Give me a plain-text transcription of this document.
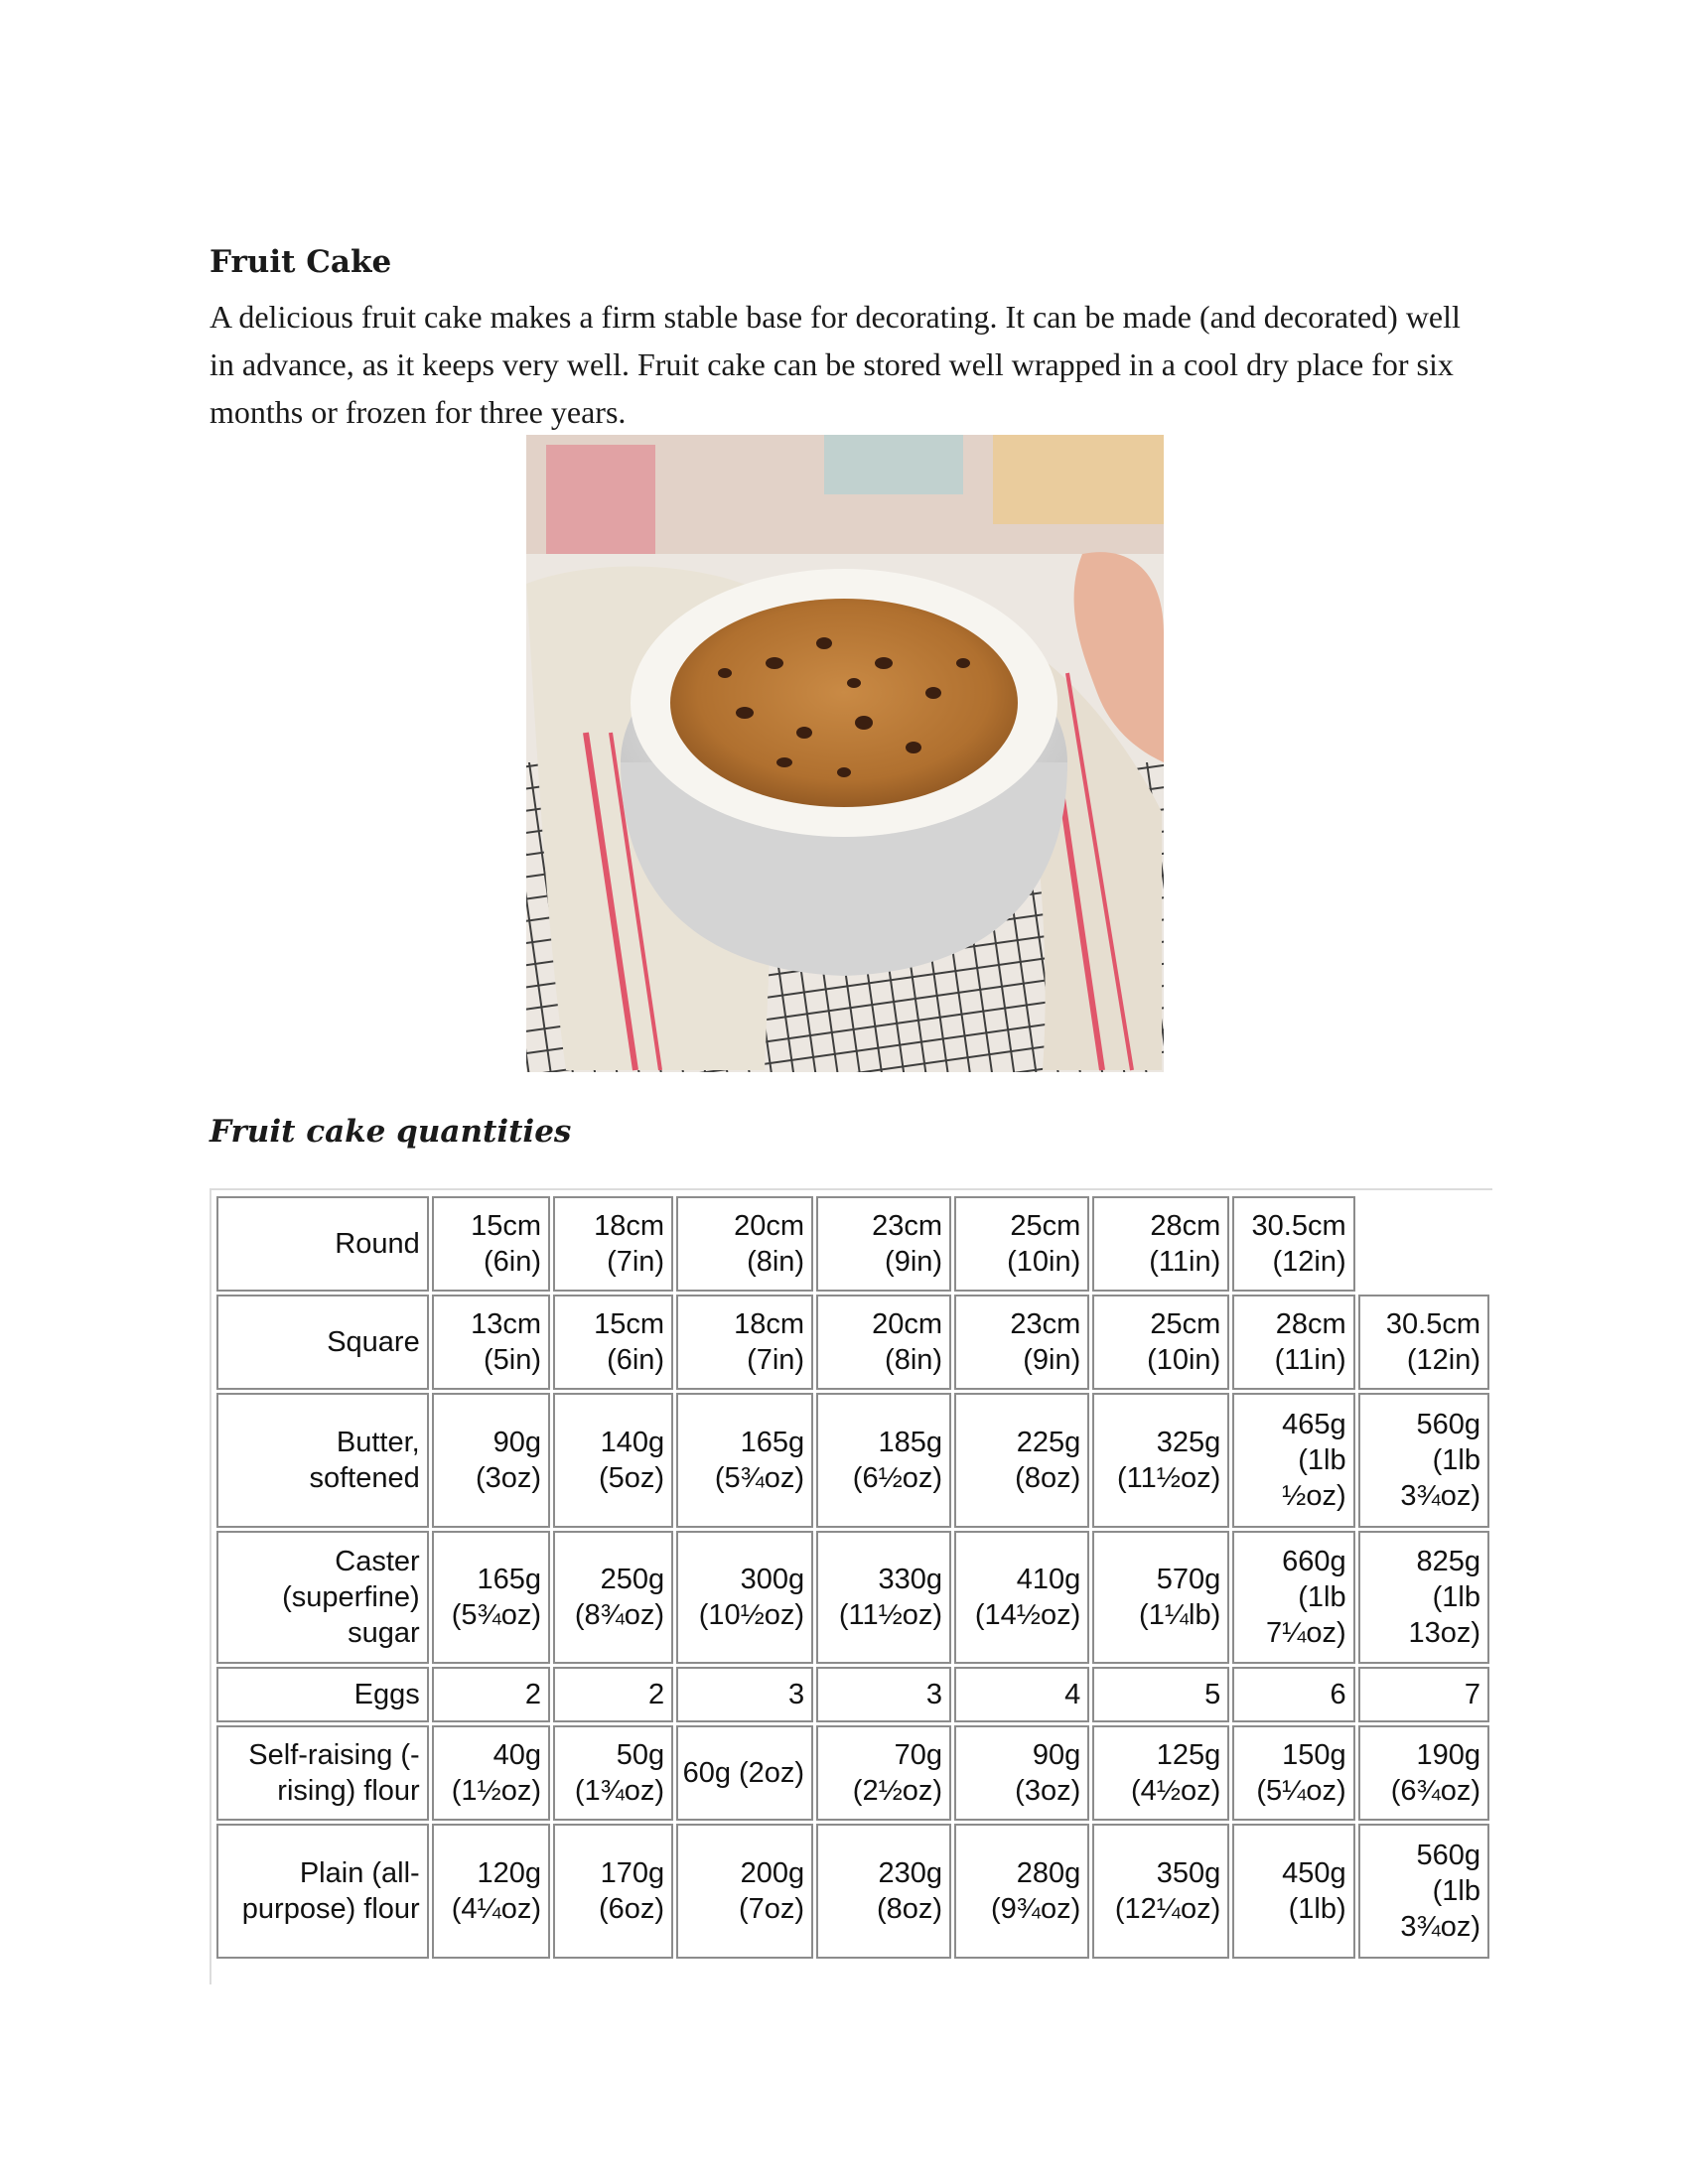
Fruit Cake

A delicious fruit cake makes a firm stable base for decorating. It can be made (and decorated) well in advance, as it keeps very well. Fruit cake can be stored well wrapped in a cool dry place for six months or frozen for three years.

Fruit cake quantities
Round	15cm (6in)	18cm (7in)	20cm (8in)	23cm (9in)	25cm (10in)	28cm (11in)	30.5cm (12in)	
Square	13cm (5in)	15cm (6in)	18cm (7in)	20cm (8in)	23cm (9in)	25cm (10in)	28cm (11in)	30.5cm (12in)
Butter, softened	90g (3oz)	140g (5oz)	165g (5¾oz)	185g (6½oz)	225g (8oz)	325g (11½oz)	465g (1lb ½oz)	560g (1lb 3¾oz)
Caster (superfine) sugar	165g (5¾oz)	250g (8¾oz)	300g (10½oz)	330g (11½oz)	410g (14½oz)	570g (1¼lb)	660g (1lb 7¼oz)	825g (1lb 13oz)
Eggs	2	2	3	3	4	5	6	7
Self-raising (-rising) flour	40g (1½oz)	50g (1¾oz)	60g (2oz)	70g (2½oz)	90g (3oz)	125g (4½oz)	150g (5¼oz)	190g (6¾oz)
Plain (all-purpose) flour	120g (4¼oz)	170g (6oz)	200g (7oz)	230g (8oz)	280g (9¾oz)	350g (12¼oz)	450g (1lb)	560g (1lb 3¾oz)
